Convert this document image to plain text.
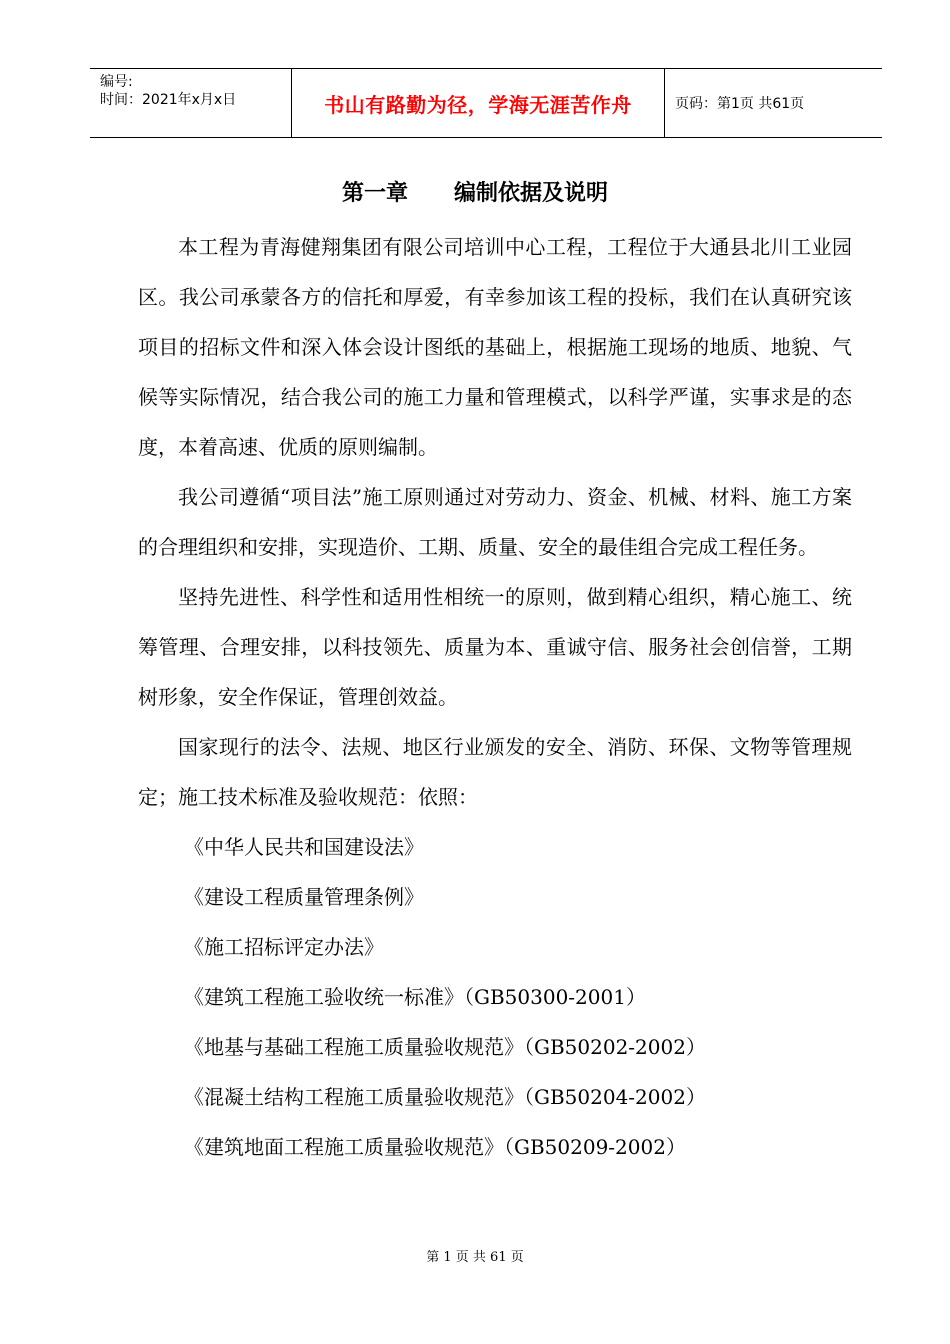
编号:
时间：2021年x月x日	书山有路勤为径，学海无涯苦作舟	页码：第1页 共61页
第一章      编制依据及说明

本工程为青海健翔集团有限公司培训中心工程，工程位于大通县北川工业园区。我公司承蒙各方的信托和厚爱，有幸参加该工程的投标，我们在认真研究该项目的招标文件和深入体会设计图纸的基础上，根据施工现场的地质、地貌、气候等实际情况，结合我公司的施工力量和管理模式，以科学严谨，实事求是的态度，本着高速、优质的原则编制。

我公司遵循“项目法”施工原则通过对劳动力、资金、机械、材料、施工方案的合理组织和安排，实现造价、工期、质量、安全的最佳组合完成工程任务。

坚持先进性、科学性和适用性相统一的原则，做到精心组织，精心施工、统筹管理、合理安排，以科技领先、质量为本、重诚守信、服务社会创信誉，工期树形象，安全作保证，管理创效益。

国家现行的法令、法规、地区行业颁发的安全、消防、环保、文物等管理规定；施工技术标准及验收规范：依照：

《中华人民共和国建设法》

《建设工程质量管理条例》

《施工招标评定办法》

《建筑工程施工验收统一标准》（GB50300-2001）

《地基与基础工程施工质量验收规范》（GB50202-2002）

《混凝土结构工程施工质量验收规范》（GB50204-2002）

《建筑地面工程施工质量验收规范》（GB50209-2002）

第 1 页 共 61 页
